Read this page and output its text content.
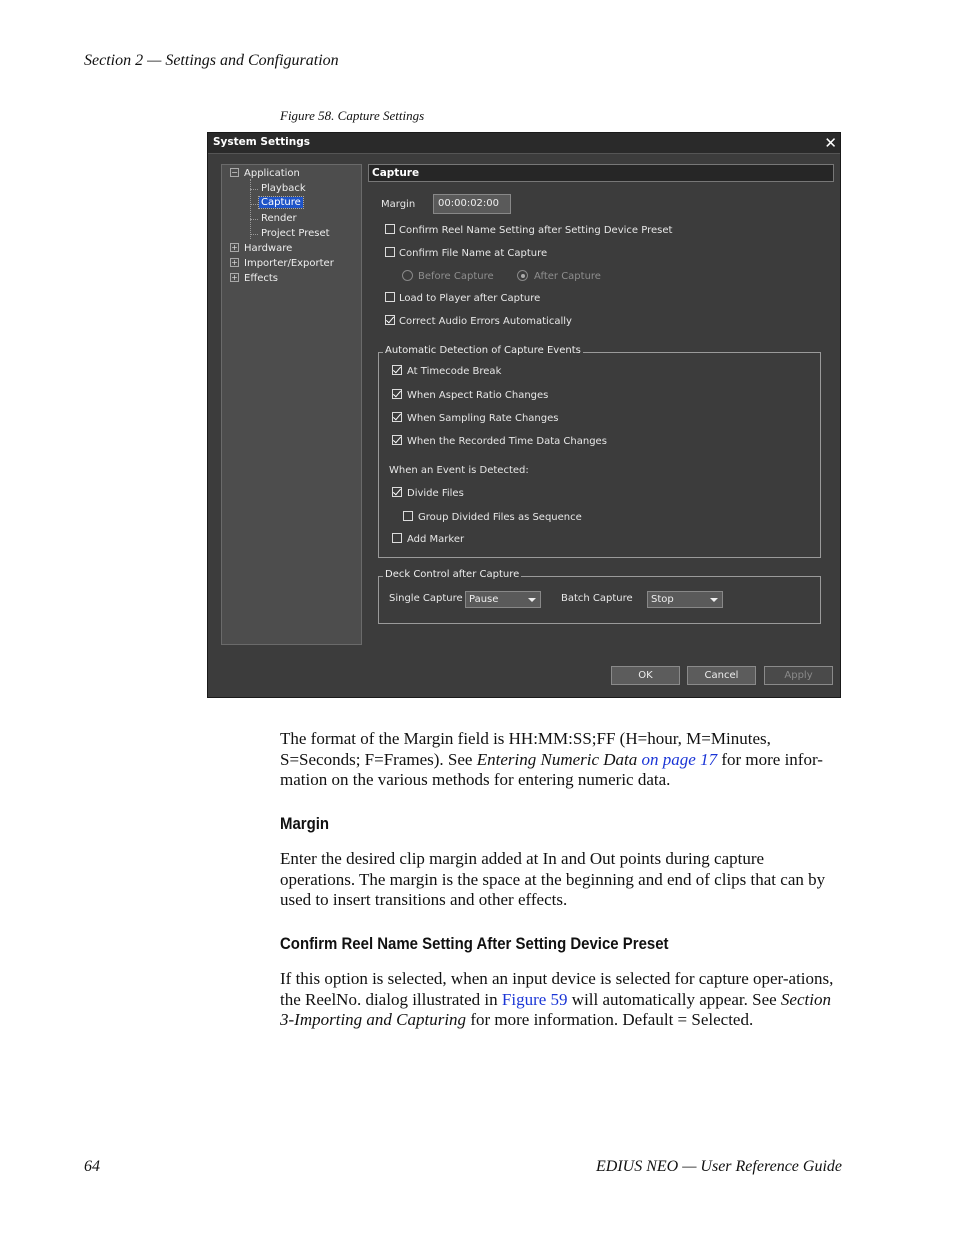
Section 2 — Settings and Configuration
Figure 58. Capture Settings
System Settings	✕
− Application
Playback
Capture
Render
Project Preset
+ Hardware
+ Importer/Exporter
+ Effects
Capture
Margin	00:00:02:00
Confirm Reel Name Setting after Setting Device Preset
Confirm File Name at Capture
Before Capture	After Capture
Load to Player after Capture
Correct Audio Errors Automatically
Automatic Detection of Capture Events
At Timecode Break
When Aspect Ratio Changes
When Sampling Rate Changes
When the Recorded Time Data Changes
When an Event is Detected:
Divide Files
Group Divided Files as Sequence
Add Marker
Deck Control after Capture
Single Capture Pause	Batch Capture	Stop
OK	Cancel	Apply

The format of the Margin field is HH:MM:SS;FF (H=hour, M=Minutes, S=Seconds; F=Frames). See Entering Numeric Data on page 17 for more infor-mation on the various methods for entering numeric data.

Margin

Enter the desired clip margin added at In and Out points during capture operations. The margin is the space at the beginning and end of clips that can by used to insert transitions and other effects.

Confirm Reel Name Setting After Setting Device Preset

If this option is selected, when an input device is selected for capture oper-ations, the ReelNo. dialog illustrated in Figure 59 will automatically appear. See Section 3-Importing and Capturing for more information. Default = Selected.

64	EDIUS NEO — User Reference Guide
